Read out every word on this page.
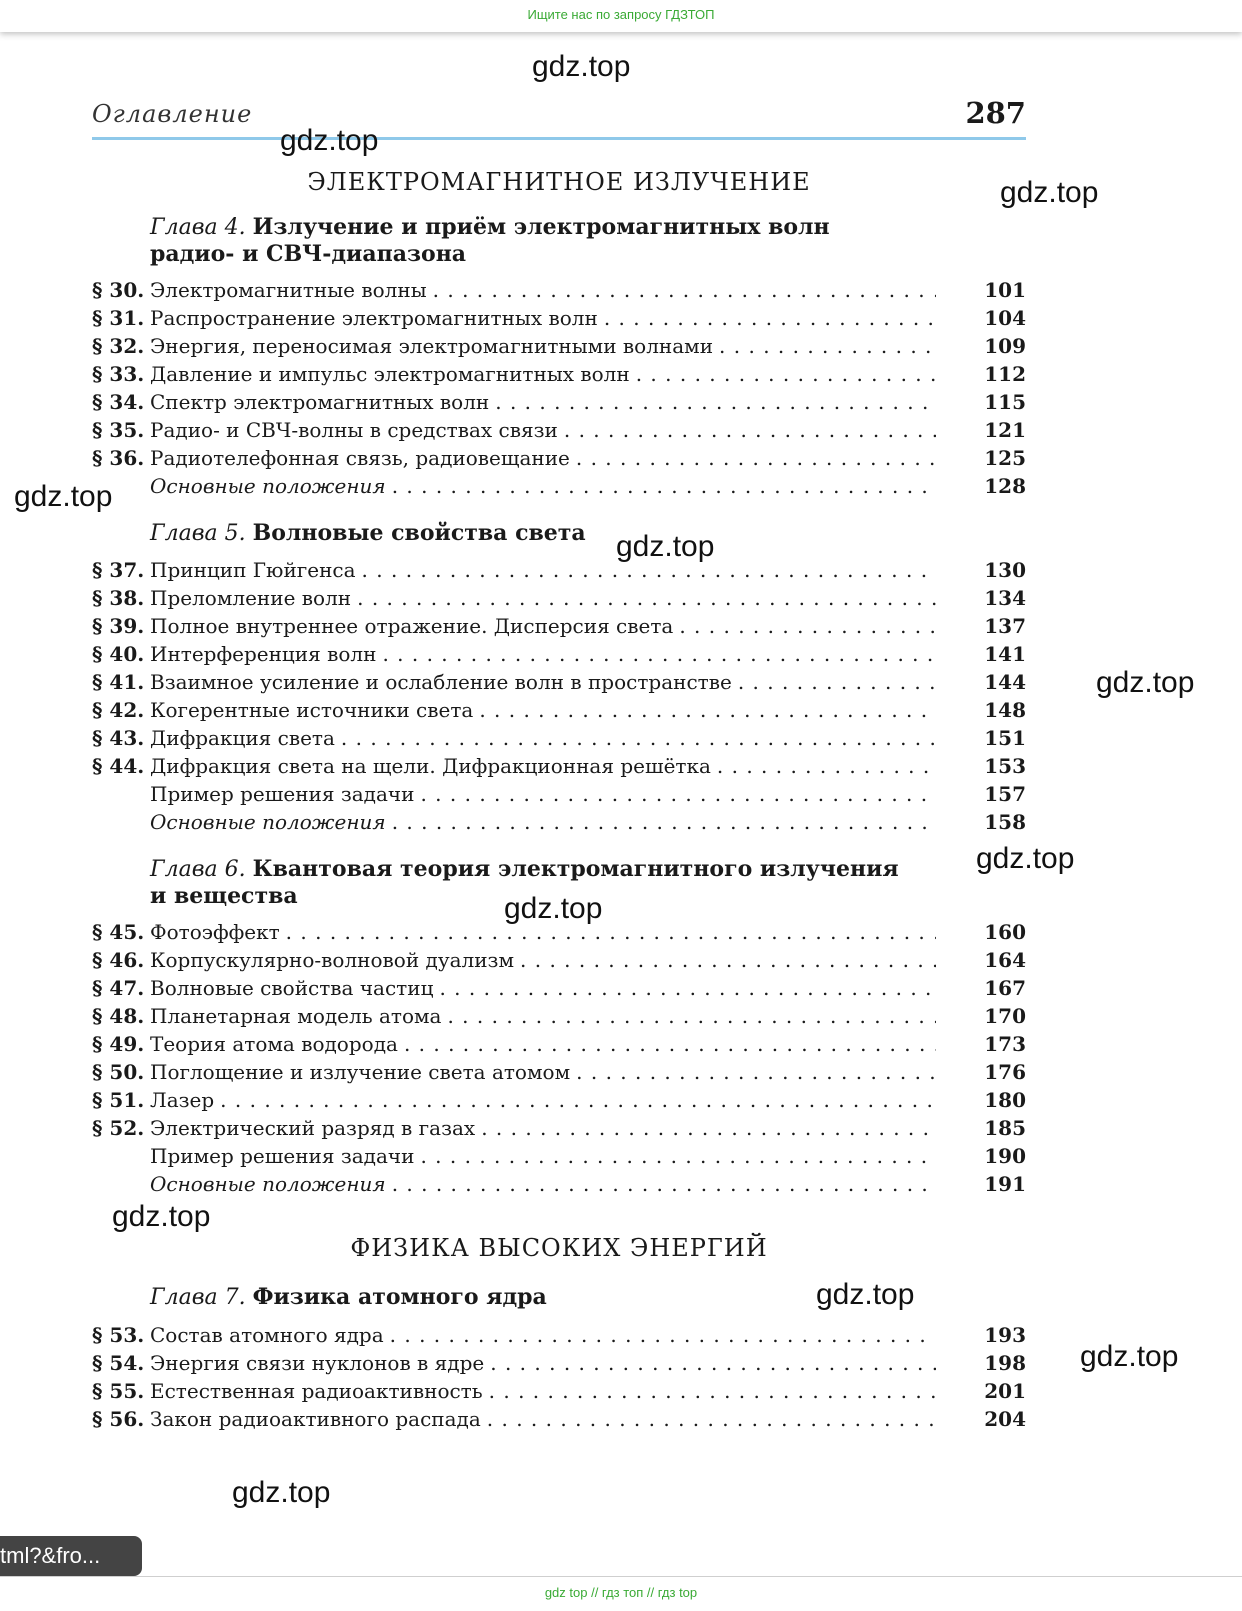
Ищите нас по запросу ГДЗТОП
Оглавление	287
ЭЛЕКТРОМАГНИТНОЕ ИЗЛУЧЕНИЕ
Глава 4. Излучение и приём электромагнитных волн радио- и СВЧ-диапазона
§ 30. Электромагнитные волны . . .	101
§ 31. Распространение электромагнитных волн . . .	104
§ 32. Энергия, переносимая электромагнитными волнами . . .	109
§ 33. Давление и импульс электромагнитных волн . . .	112
§ 34. Спектр электромагнитных волн . . .	115
§ 35. Радио- и СВЧ-волны в средствах связи . . .	121
§ 36. Радиотелефонная связь, радиовещание . . .	125
Основные положения . . .	128
Глава 5. Волновые свойства света
§ 37. Принцип Гюйгенса . . .	130
§ 38. Преломление волн . . .	134
§ 39. Полное внутреннее отражение. Дисперсия света . . .	137
§ 40. Интерференция волн . . .	141
§ 41. Взаимное усиление и ослабление волн в пространстве . . .	144
§ 42. Когерентные источники света . . .	148
§ 43. Дифракция света . . .	151
§ 44. Дифракция света на щели. Дифракционная решётка . . .	153
Пример решения задачи . . .	157
Основные положения . . .	158
Глава 6. Квантовая теория электромагнитного излучения и вещества
§ 45. Фотоэффект . . .	160
§ 46. Корпускулярно-волновой дуализм . . .	164
§ 47. Волновые свойства частиц . . .	167
§ 48. Планетарная модель атома . . .	170
§ 49. Теория атома водорода . . .	173
§ 50. Поглощение и излучение света атомом . . .	176
§ 51. Лазер . . .	180
§ 52. Электрический разряд в газах . . .	185
Пример решения задачи . . .	190
Основные положения . . .	191
ФИЗИКА ВЫСОКИХ ЭНЕРГИЙ
Глава 7. Физика атомного ядра
§ 53. Состав атомного ядра . . .	193
§ 54. Энергия связи нуклонов в ядре . . .	198
§ 55. Естественная радиоактивность . . .	201
§ 56. Закон радиоактивного распада . . .	204
gdz.top
gdz.top
gdz.top
gdz.top
gdz.top
gdz.top
gdz.top
gdz.top
gdz.top
gdz.top
gdz.top
gdz.top
tml?&fro...
gdz top // гдз топ // гдз top
